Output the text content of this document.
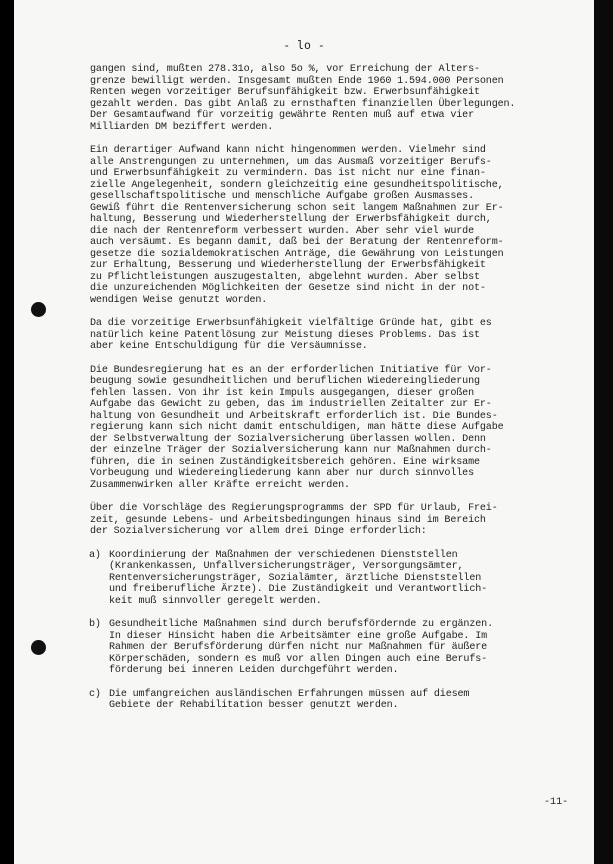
- lo -

gangen sind, mußten 278.31o, also 5o %, vor Erreichung der Alters-
grenze bewilligt werden. Insgesamt mußten Ende 1960 1.594.000 Personen
Renten wegen vorzeitiger Berufsunfähigkeit bzw. Erwerbsunfähigkeit
gezahlt werden. Das gibt Anlaß zu ernsthaften finanziellen Überlegungen.
Der Gesamtaufwand für vorzeitig gewährte Renten muß auf etwa vier
Milliarden DM beziffert werden.

Ein derartiger Aufwand kann nicht hingenommen werden. Vielmehr sind
alle Anstrengungen zu unternehmen, um das Ausmaß vorzeitiger Berufs-
und Erwerbsunfähigkeit zu vermindern. Das ist nicht nur eine finan-
zielle Angelegenheit, sondern gleichzeitig eine gesundheitspolitische,
gesellschaftspolitische und menschliche Aufgabe großen Ausmasses.
Gewiß führt die Rentenversicherung schon seit langem Maßnahmen zur Er-
haltung, Besserung und Wiederherstellung der Erwerbsfähigkeit durch,
die nach der Rentenreform verbessert wurden. Aber sehr viel wurde
auch versäumt. Es begann damit, daß bei der Beratung der Rentenreform-
gesetze die sozialdemokratischen Anträge, die Gewährung von Leistungen
zur Erhaltung, Besserung und Wiederherstellung der Erwerbsfähigkeit
zu Pflichtleistungen auszugestalten, abgelehnt wurden. Aber selbst
die unzureichenden Möglichkeiten der Gesetze sind nicht in der not-
wendigen Weise genutzt worden.

Da die vorzeitige Erwerbsunfähigkeit vielfältige Gründe hat, gibt es
natürlich keine Patentlösung zur Meistung dieses Problems. Das ist
aber keine Entschuldigung für die Versäumnisse.

Die Bundesregierung hat es an der erforderlichen Initiative für Vor-
beugung sowie gesundheitlichen und beruflichen Wiedereingliederung
fehlen lassen. Von ihr ist kein Impuls ausgegangen, dieser großen
Aufgabe das Gewicht zu geben, das im industriellen Zeitalter zur Er-
haltung von Gesundheit und Arbeitskraft erforderlich ist. Die Bundes-
regierung kann sich nicht damit entschuldigen, man hätte diese Aufgabe
der Selbstverwaltung der Sozialversicherung überlassen wollen. Denn
der einzelne Träger der Sozialversicherung kann nur Maßnahmen durch-
führen, die in seinen Zuständigkeitsbereich gehören. Eine wirksame
Vorbeugung und Wiedereingliederung kann aber nur durch sinnvolles
Zusammenwirken aller Kräfte erreicht werden.

Über die Vorschläge des Regierungsprogramms der SPD für Urlaub, Frei-
zeit, gesunde Lebens- und Arbeitsbedingungen hinaus sind im Bereich
der Sozialversicherung vor allem drei Dinge erforderlich:

a) Koordinierung der Maßnahmen der verschiedenen Dienststellen
(Krankenkassen, Unfallversicherungsträger, Versorgungsämter,
Rentenversicherungsträger, Sozialämter, ärztliche Dienststellen
und freiberufliche Ärzte). Die Zuständigkeit und Verantwortlich-
keit muß sinnvoller geregelt werden.
b) Gesundheitliche Maßnahmen sind durch berufsfördernde zu ergänzen.
In dieser Hinsicht haben die Arbeitsämter eine große Aufgabe. Im
Rahmen der Berufsförderung dürfen nicht nur Maßnahmen für äußere
Körperschäden, sondern es muß vor allen Dingen auch eine Berufs-
förderung bei inneren Leiden durchgeführt werden.
c) Die umfangreichen ausländischen Erfahrungen müssen auf diesem
Gebiete der Rehabilitation besser genutzt werden.
-11-
